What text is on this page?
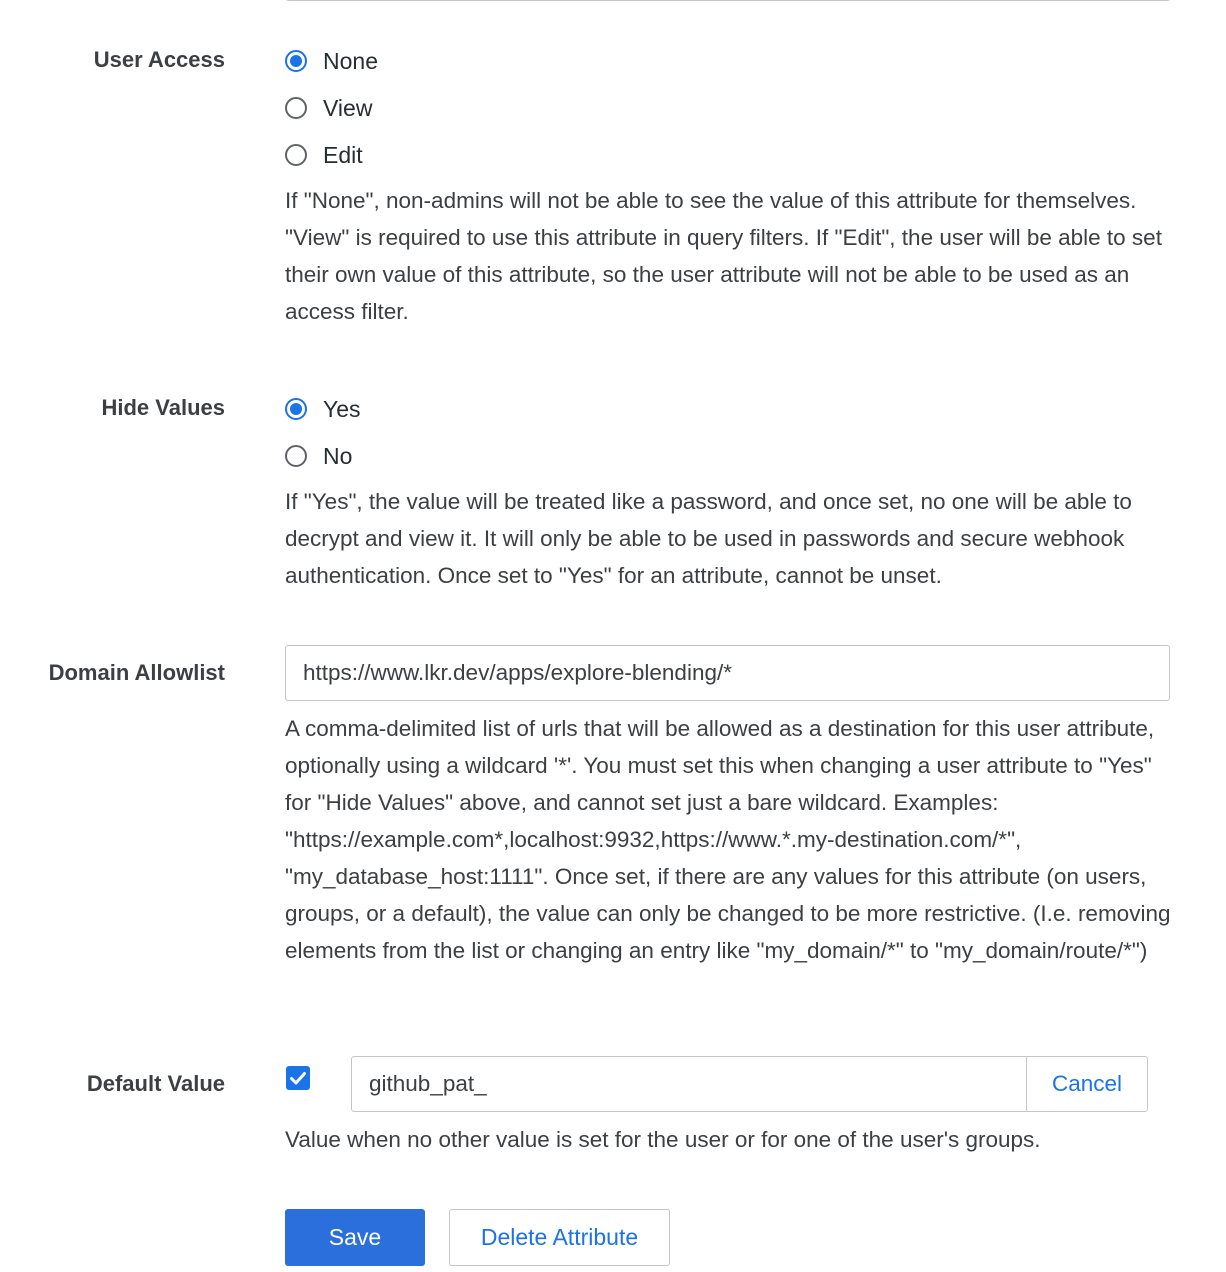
User Access	None
View
Edit
If "None", non-admins will not be able to see the value of this attribute for themselves. "View" is required to use this attribute in query filters. If "Edit", the user will be able to set their own value of this attribute, so the user attribute will not be able to be used as an access filter.
Hide Values	Yes
No
If "Yes", the value will be treated like a password, and once set, no one will be able to decrypt and view it. It will only be able to be used in passwords and secure webhook authentication. Once set to "Yes" for an attribute, cannot be unset.
Domain Allowlist	https://www.lkr.dev/apps/explore-blending/*
A comma-delimited list of urls that will be allowed as a destination for this user attribute, optionally using a wildcard '*'. You must set this when changing a user attribute to "Yes" for "Hide Values" above, and cannot set just a bare wildcard. Examples: "https://example.com*,localhost:9932,https://www.*.my-destination.com/*", "my_database_host:1111". Once set, if there are any values for this attribute (on users, groups, or a default), the value can only be changed to be more restrictive. (I.e. removing elements from the list or changing an entry like "my_domain/*" to "my_domain/route/*")
Default Value	github_pat_	Cancel
Value when no other value is set for the user or for one of the user's groups.
Save	Delete Attribute
